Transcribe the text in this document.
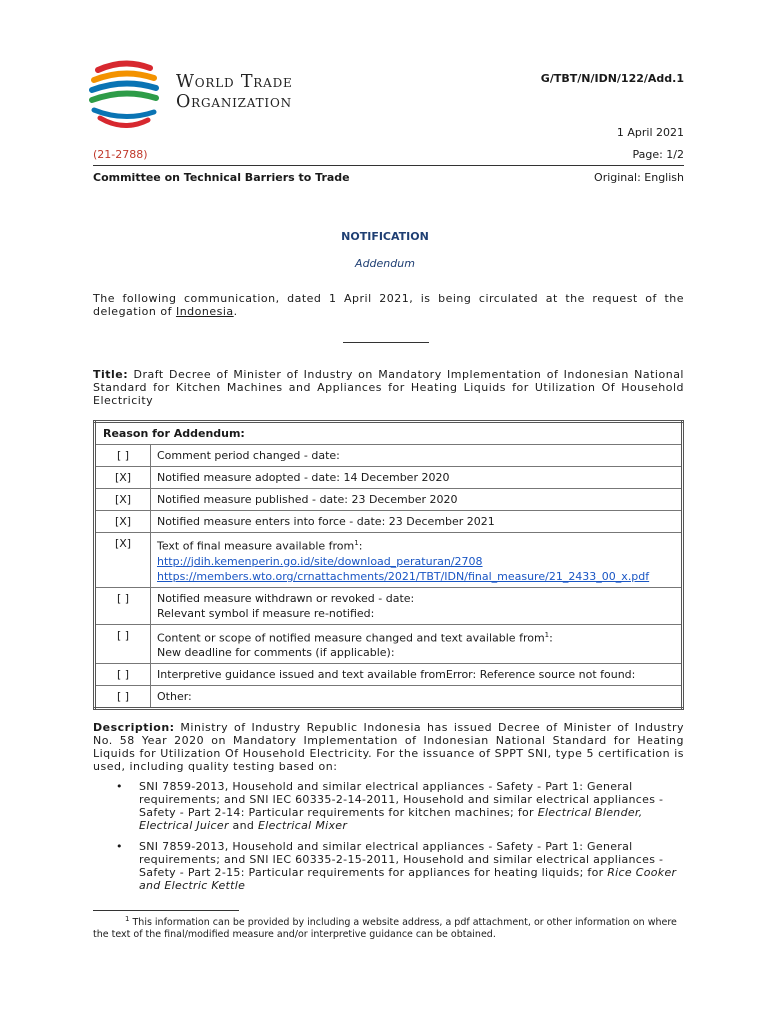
World Trade
Organization
G/TBT/N/IDN/122/Add.1
1 April 2021
(21-2788)	Page: 1/2
Committee on Technical Barriers to Trade	Original: English
NOTIFICATION
Addendum
The following communication, dated 1 April 2021, is being circulated at the request of the delegation of Indonesia.
Title: Draft Decree of Minister of Industry on Mandatory Implementation of Indonesian National Standard for Kitchen Machines and Appliances for Heating Liquids for Utilization Of Household Electricity
Reason for Addendum:	
[ ]	Comment period changed - date:
[X]	Notified measure adopted - date: 14 December 2020
[X]	Notified measure published - date: 23 December 2020
[X]	Notified measure enters into force - date: 23 December 2021
[X]	Text of final measure available from$^1$:
http://jdih.kemenperin.go.id/site/download_peraturan/2708
https://members.wto.org/crnattachments/2021/TBT/IDN/final_measure/21_2433_00_x.pdf

[ ]	Notified measure withdrawn or revoked - date:
Relevant symbol if measure re-notified:

[ ]	Content or scope of notified measure changed and text available from$^1$:
New deadline for comments (if applicable):

[ ]	Interpretive guidance issued and text available fromError: Reference source not found:
[ ]	Other:
Description: Ministry of Industry Republic Indonesia has issued Decree of Minister of Industry No. 58 Year 2020 on Mandatory Implementation of Indonesian National Standard for Heating Liquids for Utilization Of Household Electricity. For the issuance of SPPT SNI, type 5 certification is used, including quality testing based on:
• SNI 7859-2013, Household and similar electrical appliances - Safety - Part 1: General requirements; and SNI IEC 60335-2-14-2011, Household and similar electrical appliances - Safety - Part 2-14: Particular requirements for kitchen machines; for Electrical Blender, Electrical Juicer and Electrical Mixer
• SNI 7859-2013, Household and similar electrical appliances - Safety - Part 1: General requirements; and SNI IEC 60335-2-15-2011, Household and similar electrical appliances - Safety - Part 2-15: Particular requirements for appliances for heating liquids; for Rice Cooker and Electric Kettle
$^1$ This information can be provided by including a website address, a pdf attachment, or other information on where the text of the final/modified measure and/or interpretive guidance can be obtained.
